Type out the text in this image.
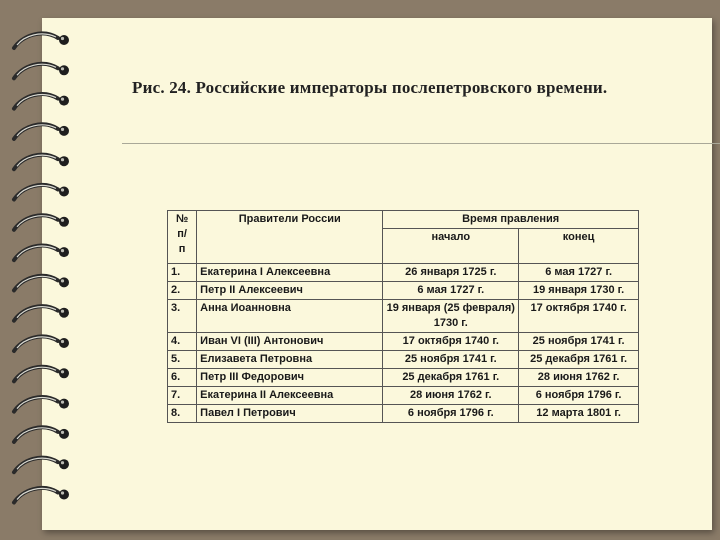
Рис. 24. Российские императоры послепетровского времени.
№
п/
п	Правители России	Время правления	
		начало	конец
1.	Екатерина I Алексеевна	26 января 1725 г.	6 мая 1727 г.
2.	Петр II Алексеевич	6 мая 1727 г.	19 января 1730 г.
3.	Анна Иоанновна	19 января (25 февраля) 1730 г.	17 октября 1740 г.
4.	Иван VI (III) Антонович	17 октября 1740 г.	25 ноября 1741 г.
5.	Елизавета Петровна	25 ноября 1741 г.	25 декабря 1761 г.
6.	Петр III Федорович	25 декабря 1761 г.	28 июня 1762 г.
7.	Екатерина II Алексеевна	28 июня 1762 г.	6 ноября 1796 г.
8.	Павел I Петрович	6 ноября 1796 г.	12 марта 1801 г.
